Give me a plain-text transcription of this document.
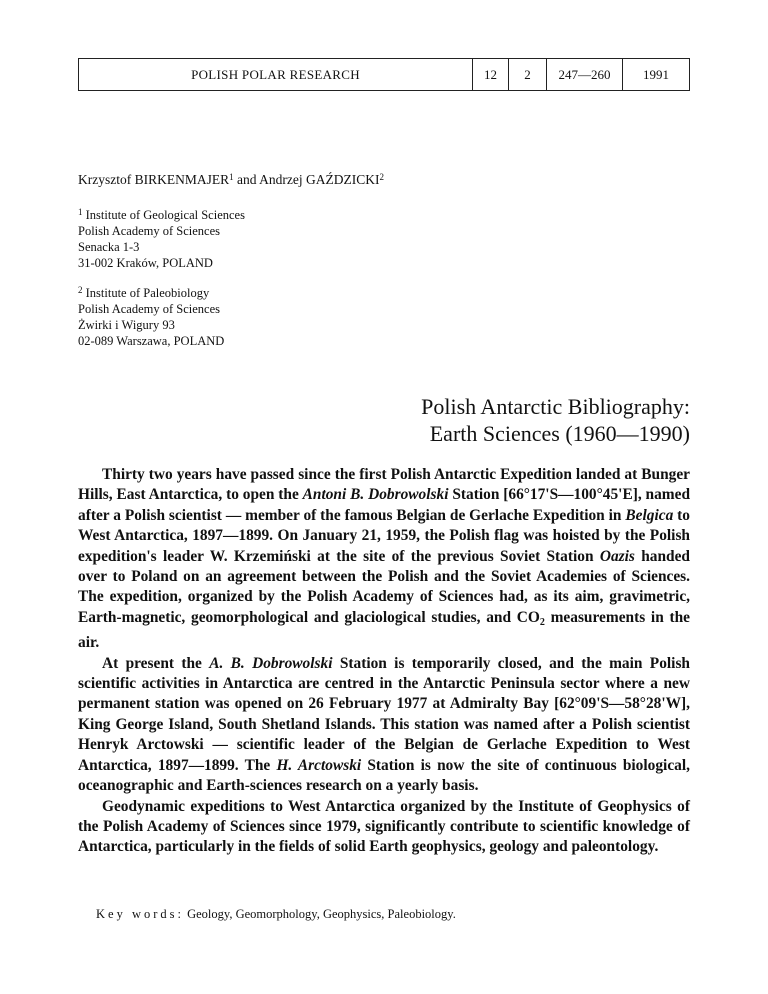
POLISH POLAR RESEARCH	12	2	247—260	1991
Krzysztof BIRKENMAJER$^1$ and Andrzej GAŹDZICKI$^2$
$^1$ Institute of Geological Sciences
Polish Academy of Sciences
Senacka 1-3
31-002 Kraków, POLAND
$^2$ Institute of Paleobiology
Polish Academy of Sciences
Żwirki i Wigury 93
02-089 Warszawa, POLAND
Polish Antarctic Bibliography:
Earth Sciences (1960—1990)

Thirty two years have passed since the first Polish Antarctic Expedition landed at Bunger Hills, East Antarctica, to open the Antoni B. Dobrowolski Station [66°17'S—100°45'E], named after a Polish scientist — member of the famous Belgian de Gerlache Expedition in Belgica to West Antarctica, 1897—1899. On January 21, 1959, the Polish flag was hoisted by the Polish expedition's leader W. Krzemiński at the site of the previous Soviet Station Oazis handed over to Poland on an agreement between the Polish and the Soviet Academies of Sciences. The expedition, organized by the Polish Academy of Sciences had, as its aim, gravimetric, Earth-magnetic, geomorphological and glaciological studies, and $CO_2$ measurements in the air.

At present the A. B. Dobrowolski Station is temporarily closed, and the main Polish scientific activities in Antarctica are centred in the Antarctic Peninsula sector where a new permanent station was opened on 26 February 1977 at Admiralty Bay [62°09'S—58°28'W], King George Island, South Shetland Islands. This station was named after a Polish scientist Henryk Arctowski — scientific leader of the Belgian de Gerlache Expedition to West Antarctica, 1897—1899. The H. Arctowski Station is now the site of continuous biological, oceanographic and Earth-sciences research on a yearly basis.

Geodynamic expeditions to West Antarctica organized by the Institute of Geophysics of the Polish Academy of Sciences since 1979, significantly contribute to scientific knowledge of Antarctica, particularly in the fields of solid Earth geophysics, geology and paleontology.

Key words: Geology, Geomorphology, Geophysics, Paleobiology.
